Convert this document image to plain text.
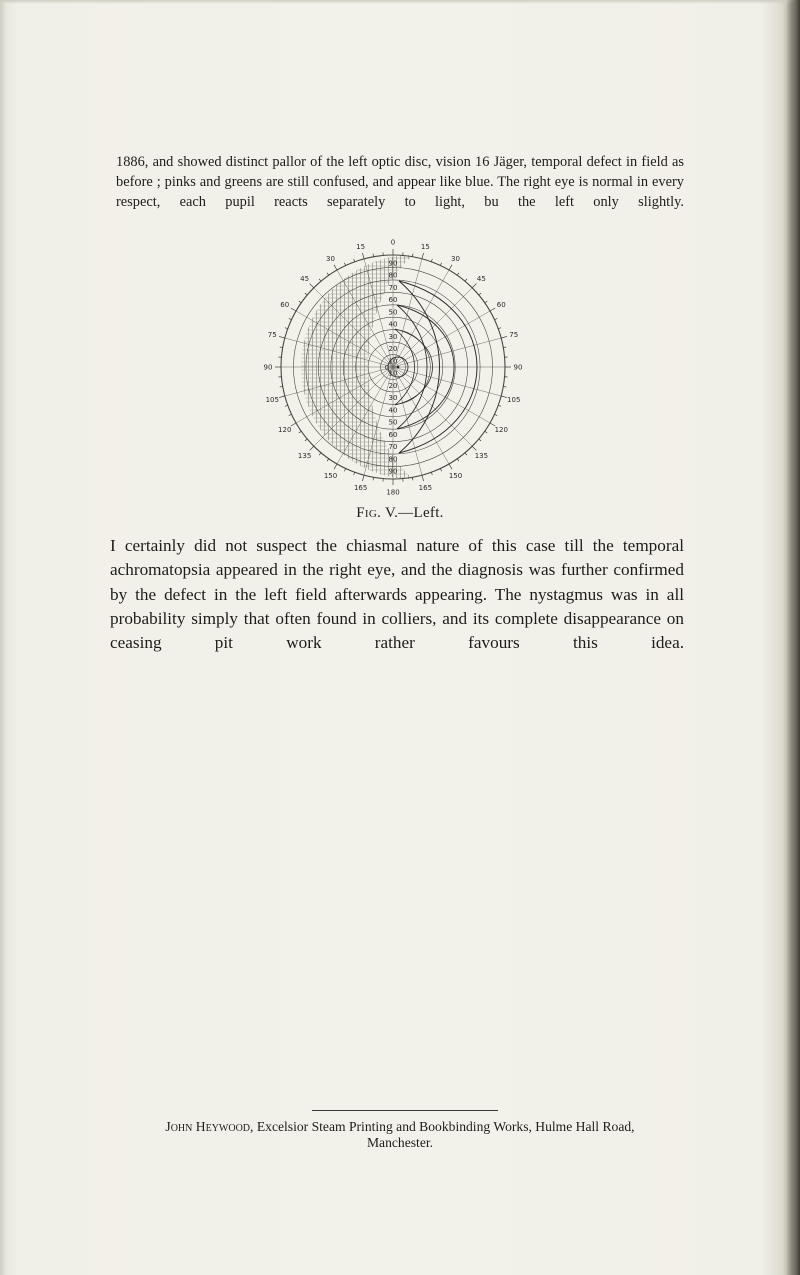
1886, and showed distinct pallor of the left optic disc, vision 16 Jäger, temporal defect in field as before ; pinks and greens are still confused, and appear like blue. The right eye is normal in every respect, each pupil reacts separately to light, bu the left only slightly.

15
0
15
30
45
60
75
90
105
120
135
150
165
180
165
150
135
120
105
90
75
60
45
30
90
80
70
60
50
40
30
20
10
10
20
30
40
50
60
70
80
90
0
Fig. V.—Left.

I certainly did not suspect the chiasmal nature of this case till the temporal achromatopsia appeared in the right eye, and the diagnosis was further confirmed by the defect in the left field afterwards appearing. The nystagmus was in all probability simply that often found in colliers, and its complete disappearance on ceasing pit work rather favours this idea.

John Heywood, Excelsior Steam Printing and Bookbinding Works, Hulme Hall Road,
Manchester.
